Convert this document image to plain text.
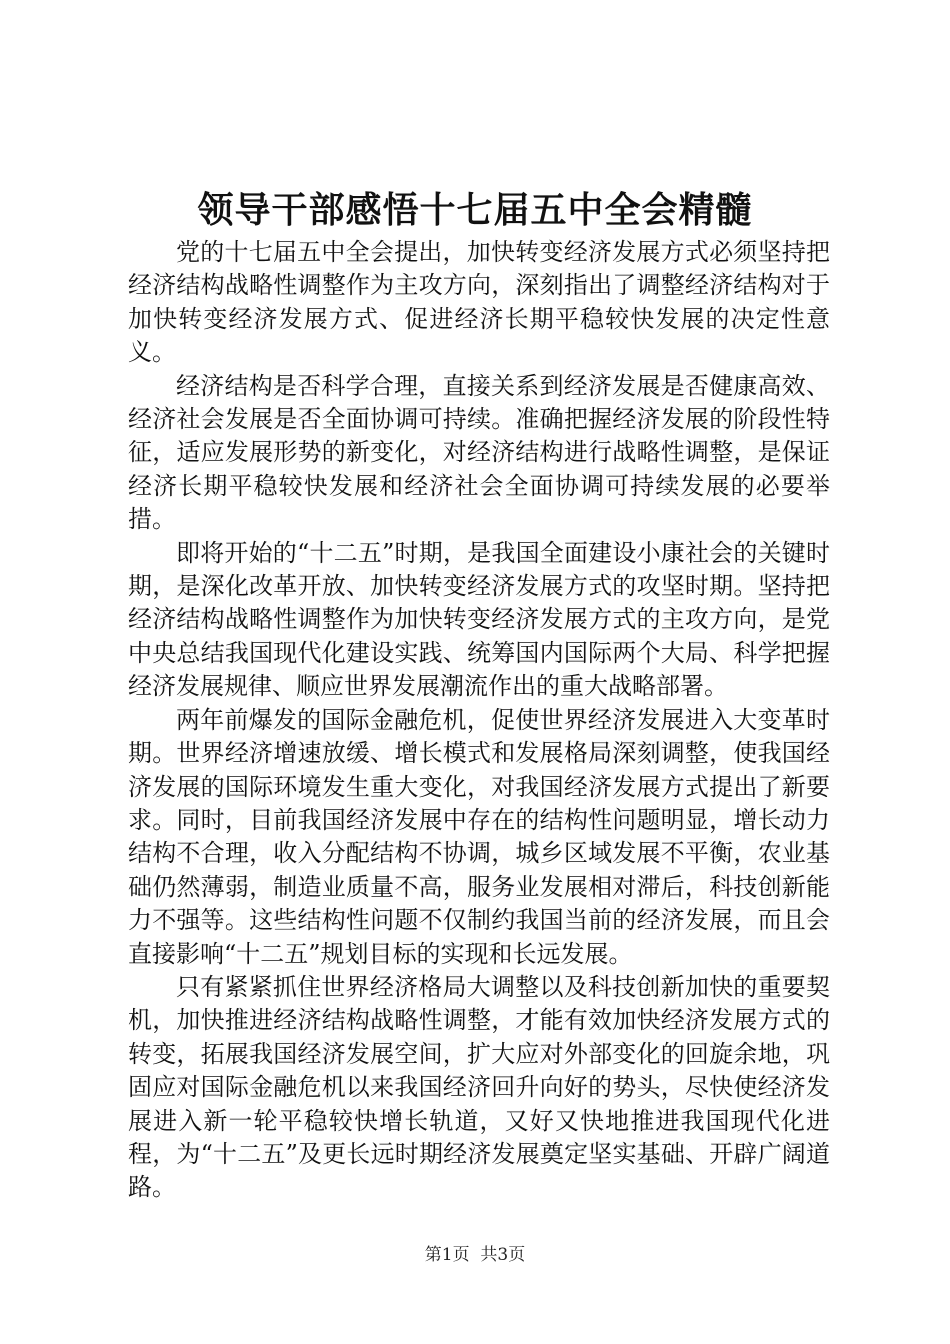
领导干部感悟十七届五中全会精髓

党的十七届五中全会提出，加快转变经济发展方式必须坚持把经济结构战略性调整作为主攻方向，深刻指出了调整经济结构对于加快转变经济发展方式、促进经济长期平稳较快发展的决定性意义。

经济结构是否科学合理，直接关系到经济发展是否健康高效、经济社会发展是否全面协调可持续。准确把握经济发展的阶段性特征，适应发展形势的新变化，对经济结构进行战略性调整，是保证经济长期平稳较快发展和经济社会全面协调可持续发展的必要举措。

即将开始的“十二五”时期，是我国全面建设小康社会的关键时期，是深化改革开放、加快转变经济发展方式的攻坚时期。坚持把经济结构战略性调整作为加快转变经济发展方式的主攻方向，是党中央总结我国现代化建设实践、统筹国内国际两个大局、科学把握经济发展规律、顺应世界发展潮流作出的重大战略部署。

两年前爆发的国际金融危机，促使世界经济发展进入大变革时期。世界经济增速放缓、增长模式和发展格局深刻调整，使我国经济发展的国际环境发生重大变化，对我国经济发展方式提出了新要求。同时，目前我国经济发展中存在的结构性问题明显，增长动力结构不合理，收入分配结构不协调，城乡区域发展不平衡，农业基础仍然薄弱，制造业质量不高，服务业发展相对滞后，科技创新能力不强等。这些结构性问题不仅制约我国当前的经济发展，而且会直接影响“十二五”规划目标的实现和长远发展。

只有紧紧抓住世界经济格局大调整以及科技创新加快的重要契机，加快推进经济结构战略性调整，才能有效加快经济发展方式的转变，拓展我国经济发展空间，扩大应对外部变化的回旋余地，巩固应对国际金融危机以来我国经济回升向好的势头，尽快使经济发展进入新一轮平稳较快增长轨道，又好又快地推进我国现代化进程，为“十二五”及更长远时期经济发展奠定坚实基础、开辟广阔道路。

第1页  共3页
